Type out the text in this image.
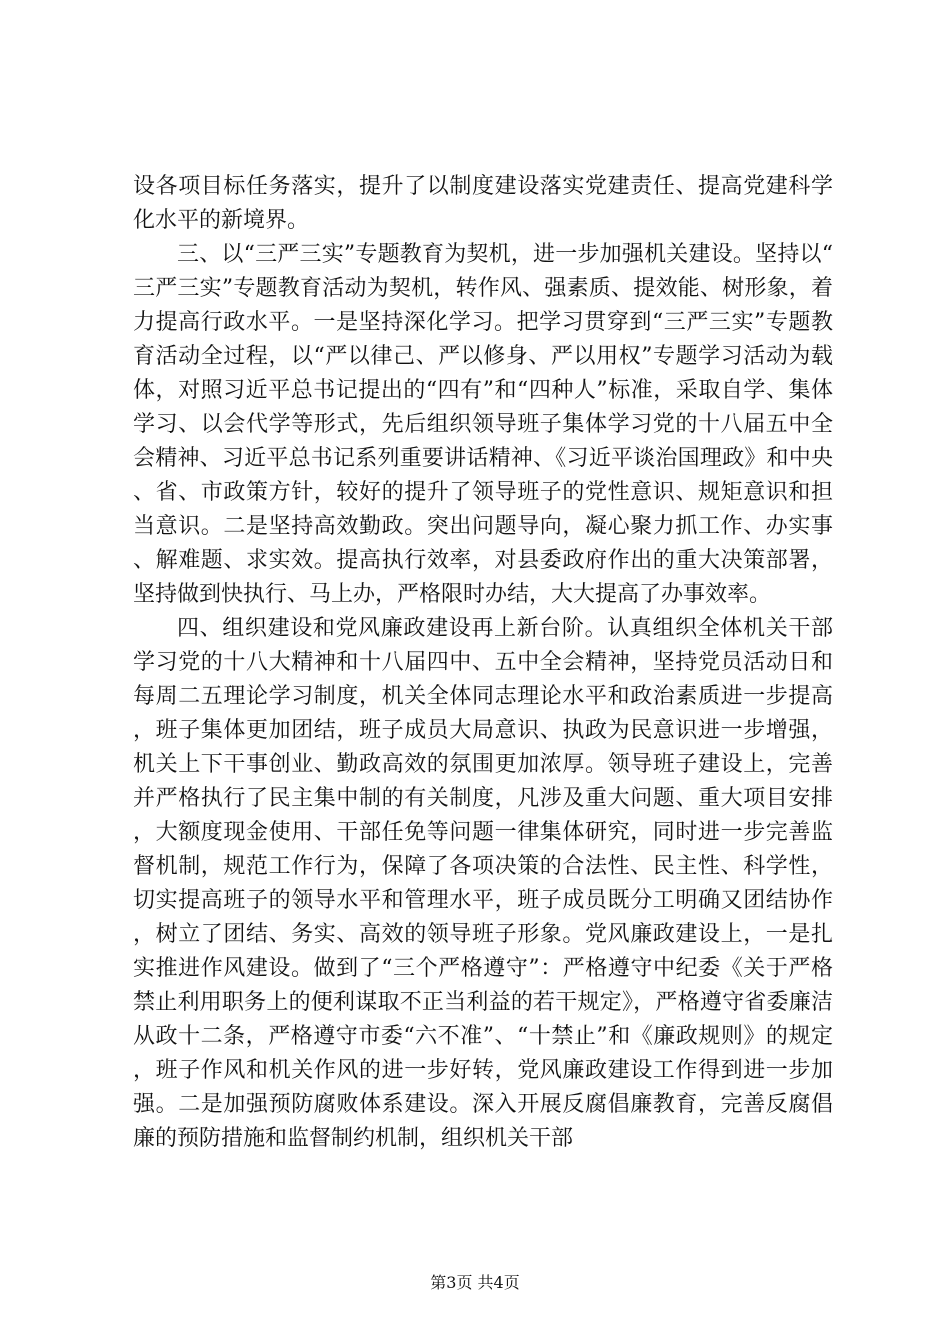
设各项目标任务落实，提升了以制度建设落实党建责任、提高党建科学化水平的新境界。

三、以“三严三实”专题教育为契机，进一步加强机关建设。坚持以“三严三实”专题教育活动为契机，转作风、强素质、提效能、树形象，着力提高行政水平。一是坚持深化学习。把学习贯穿到“三严三实”专题教育活动全过程，以“严以律己、严以修身、严以用权”专题学习活动为载体，对照习近平总书记提出的“四有”和“四种人”标准，采取自学、集体学习、以会代学等形式，先后组织领导班子集体学习党的十八届五中全会精神、习近平总书记系列重要讲话精神、《习近平谈治国理政》和中央、省、市政策方针，较好的提升了领导班子的党性意识、规矩意识和担当意识。二是坚持高效勤政。突出问题导向，凝心聚力抓工作、办实事、解难题、求实效。提高执行效率，对县委政府作出的重大决策部署，坚持做到快执行、马上办，严格限时办结，大大提高了办事效率。

四、组织建设和党风廉政建设再上新台阶。认真组织全体机关干部学习党的十八大精神和十八届四中、五中全会精神，坚持党员活动日和每周二五理论学习制度，机关全体同志理论水平和政治素质进一步提高，班子集体更加团结，班子成员大局意识、执政为民意识进一步增强，机关上下干事创业、勤政高效的氛围更加浓厚。领导班子建设上，完善并严格执行了民主集中制的有关制度，凡涉及重大问题、重大项目安排，大额度现金使用、干部任免等问题一律集体研究，同时进一步完善监督机制，规范工作行为，保障了各项决策的合法性、民主性、科学性，切实提高班子的领导水平和管理水平，班子成员既分工明确又团结协作，树立了团结、务实、高效的领导班子形象。党风廉政建设上，一是扎实推进作风建设。做到了“三个严格遵守”：严格遵守中纪委《关于严格禁止利用职务上的便利谋取不正当利益的若干规定》，严格遵守省委廉洁从政十二条，严格遵守市委“六不准”、“十禁止”和《廉政规则》的规定，班子作风和机关作风的进一步好转，党风廉政建设工作得到进一步加强。二是加强预防腐败体系建设。深入开展反腐倡廉教育，完善反腐倡廉的预防措施和监督制约机制，组织机关干部

第3页 共4页
